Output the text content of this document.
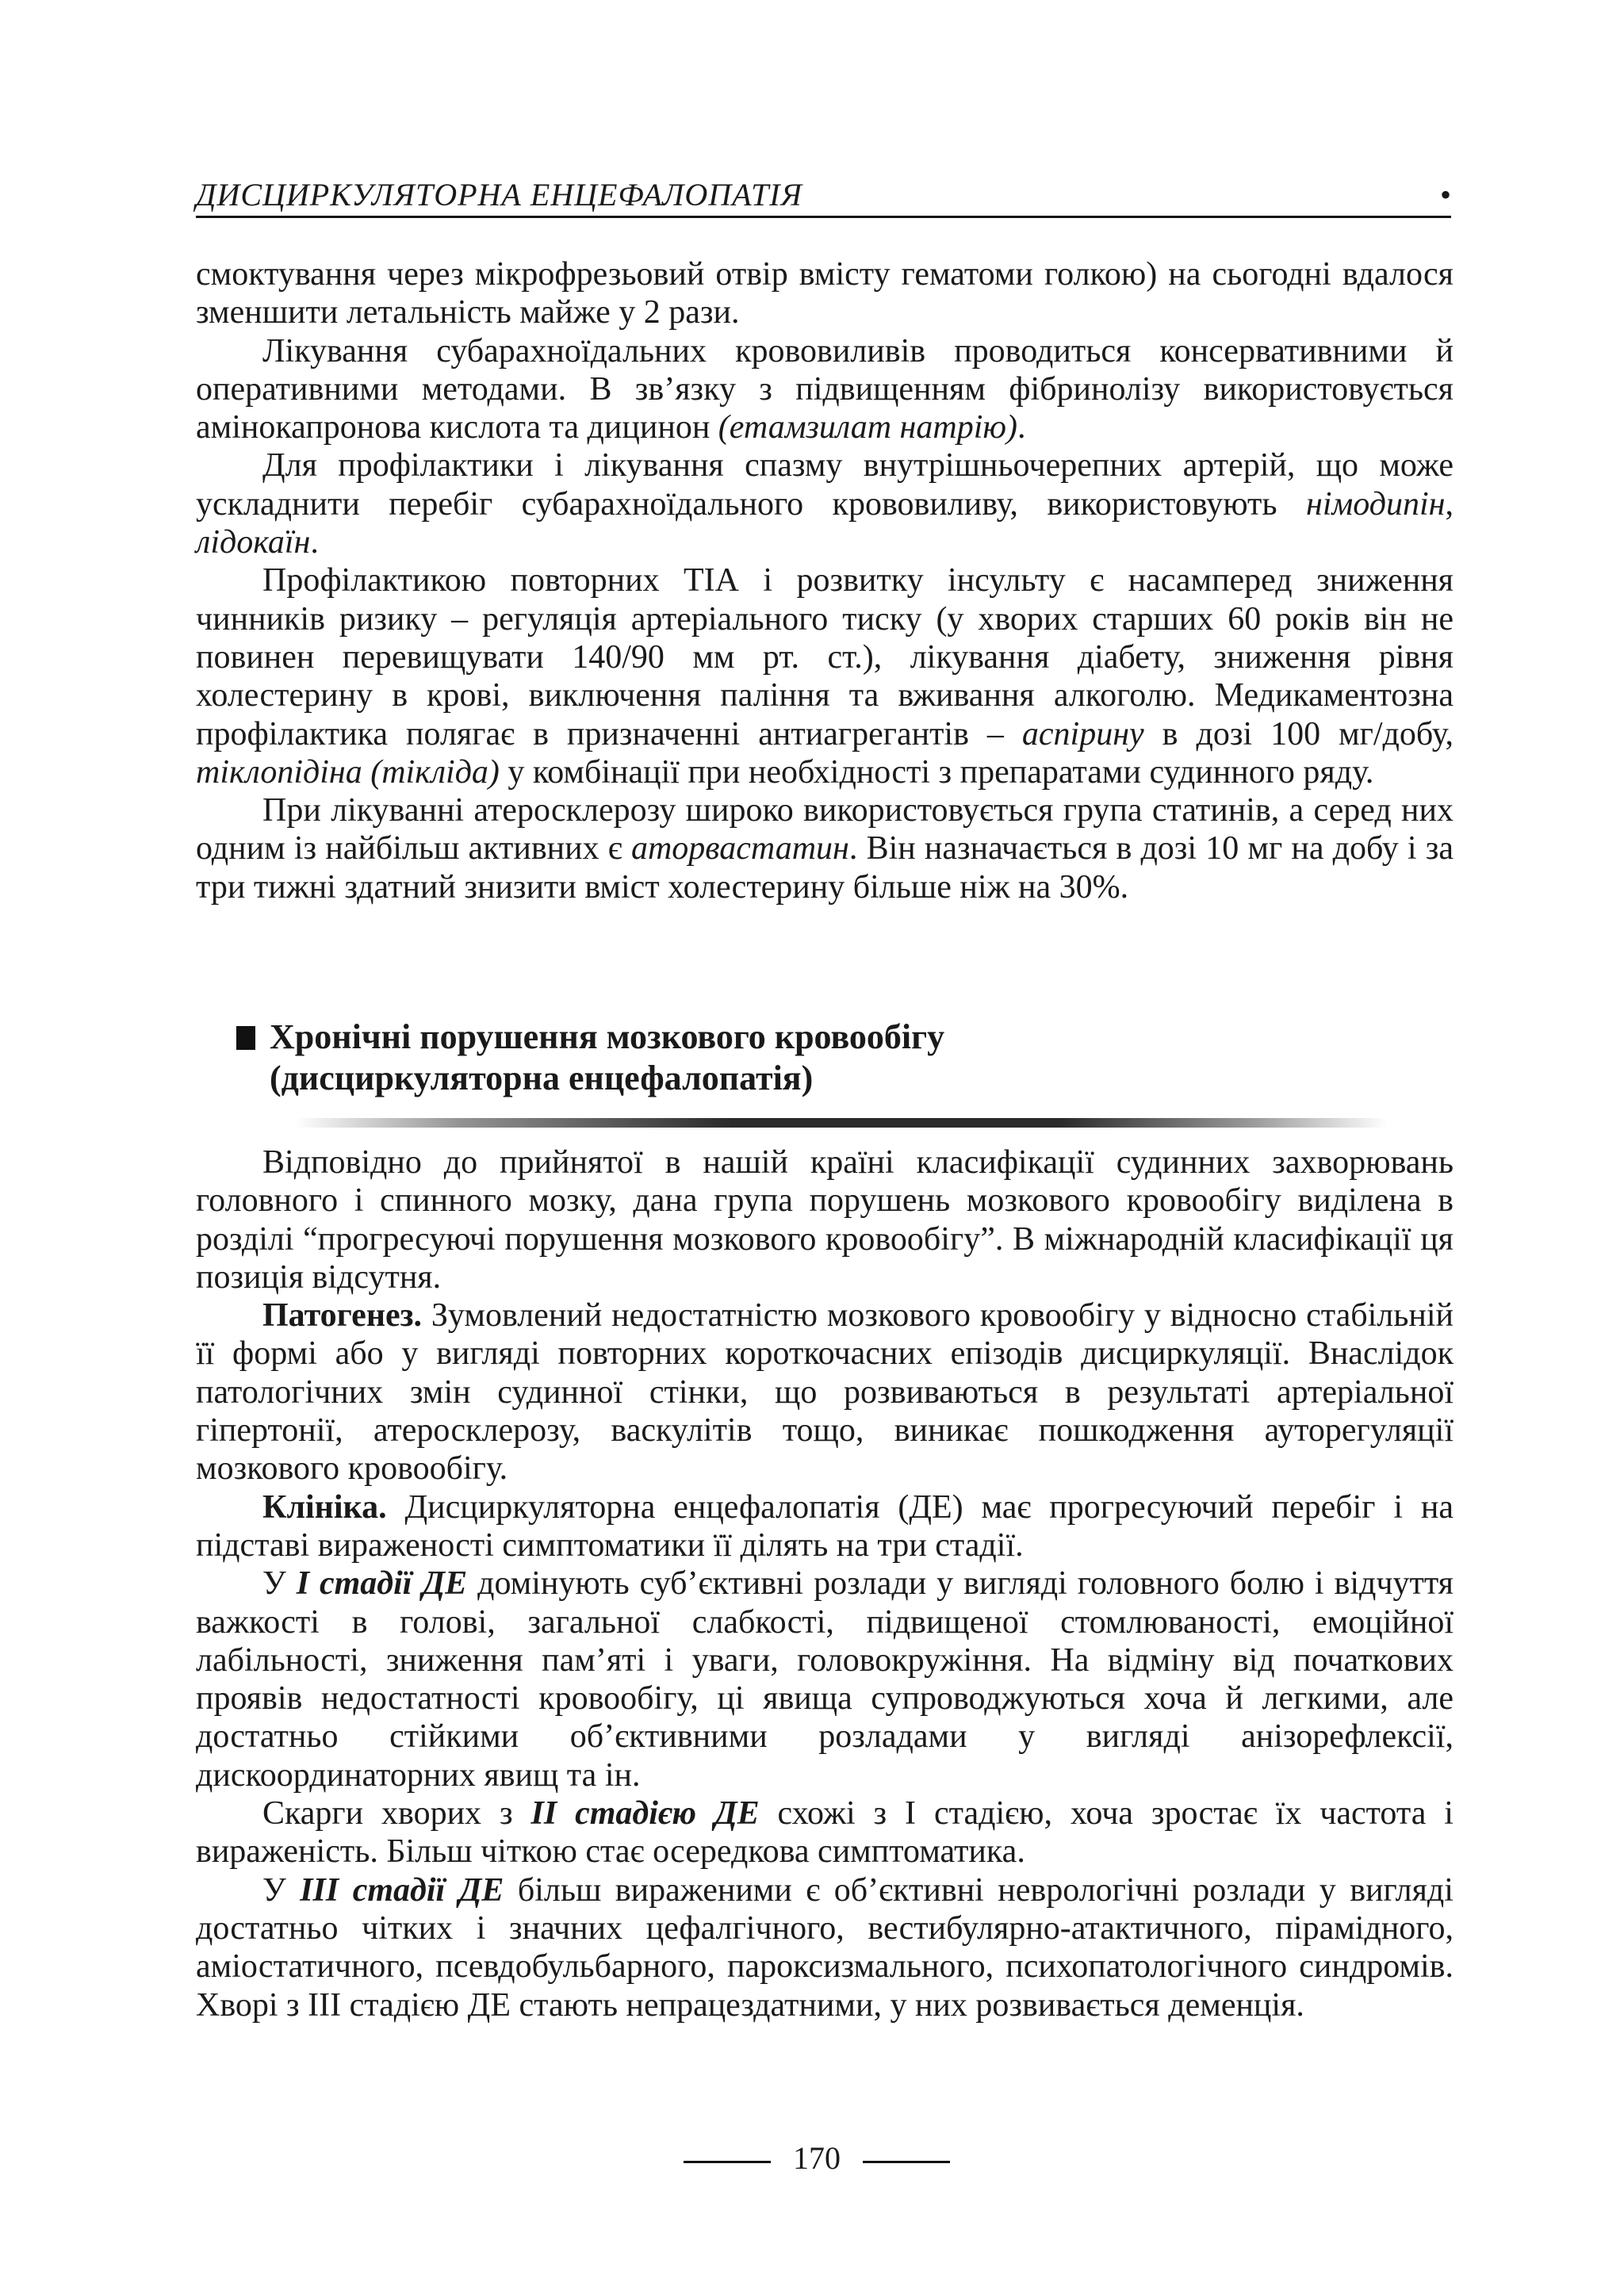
ДИСЦИРКУЛЯТОРНА ЕНЦЕФАЛОПАТІЯ	•

смоктування через мікрофрезьовий отвір вмісту гематоми голкою) на сьогодні вдалося зменшити летальність майже у 2 рази.

Лікування субарахноїдальних крововиливів проводиться консервативними й оперативними методами. В зв’язку з підвищенням фібринолізу використовується амінокапронова кислота та дицинон (етамзилат натрію).

Для профілактики і лікування спазму внутрішньочерепних артерій, що може ускладнити перебіг субарахноїдального крововиливу, використовують німодипін, лідокаїн.

Профілактикою повторних ТІА і розвитку інсульту є насамперед зниження чинників ризику – регуляція артеріального тиску (у хворих старших 60 років він не повинен перевищувати 140/90 мм рт. ст.), лікування діабету, зниження рівня холестерину в крові, виключення паління та вживання алкоголю. Медикаментозна профілактика полягає в призначенні антиагрегантів – аспірину в дозі 100 мг/добу, тіклопідіна (тікліда) у комбінації при необхідності з препаратами судинного ряду.

При лікуванні атеросклерозу широко використовується група статинів, а серед них одним із найбільш активних є аторвастатин. Він назначається в дозі 10 мг на добу і за три тижні здатний знизити вміст холестерину більше ніж на 30%.

Хронічні порушення мозкового кровообігу
(дисциркуляторна енцефалопатія)

Відповідно до прийнятої в нашій країні класифікації судинних захворювань головного і спинного мозку, дана група порушень мозкового кровообігу виділена в розділі “прогресуючі порушення мозкового кровообігу”. В міжнародній класифікації ця позиція відсутня.

Патогенез. Зумовлений недостатністю мозкового кровообігу у відносно стабільній її формі або у вигляді повторних короткочасних епізодів дисциркуляції. Внаслідок патологічних змін судинної стінки, що розвиваються в результаті артеріальної гіпертонії, атеросклерозу, васкулітів тощо, виникає пошкодження ауторегуляції мозкового кровообігу.

Клініка. Дисциркуляторна енцефалопатія (ДЕ) має прогресуючий перебіг і на підставі вираженості симптоматики її ділять на три стадії.

У І стадії ДЕ домінують суб’єктивні розлади у вигляді головного болю і відчуття важкості в голові, загальної слабкості, підвищеної стомлюваності, емоційної лабільності, зниження пам’яті і уваги, головокружіння. На відміну від початкових проявів недостатності кровообігу, ці явища супроводжуються хоча й легкими, але достатньо стійкими об’єктивними розладами у вигляді анізорефлексії, дискоординаторних явищ та ін.

Скарги хворих з ІІ стадією ДЕ схожі з І стадією, хоча зростає їх частота і вираженість. Більш чіткою стає осередкова симптоматика.

У ІІІ стадії ДЕ більш вираженими є об’єктивні неврологічні розлади у вигляді достатньо чітких і значних цефалгічного, вестибулярно-атактичного, пірамідного, аміостатичного, псевдобульбарного, пароксизмального, психопатологічного синдромів. Хворі з ІІІ стадією ДЕ стають непрацездатними, у них розвивається деменція.

170
